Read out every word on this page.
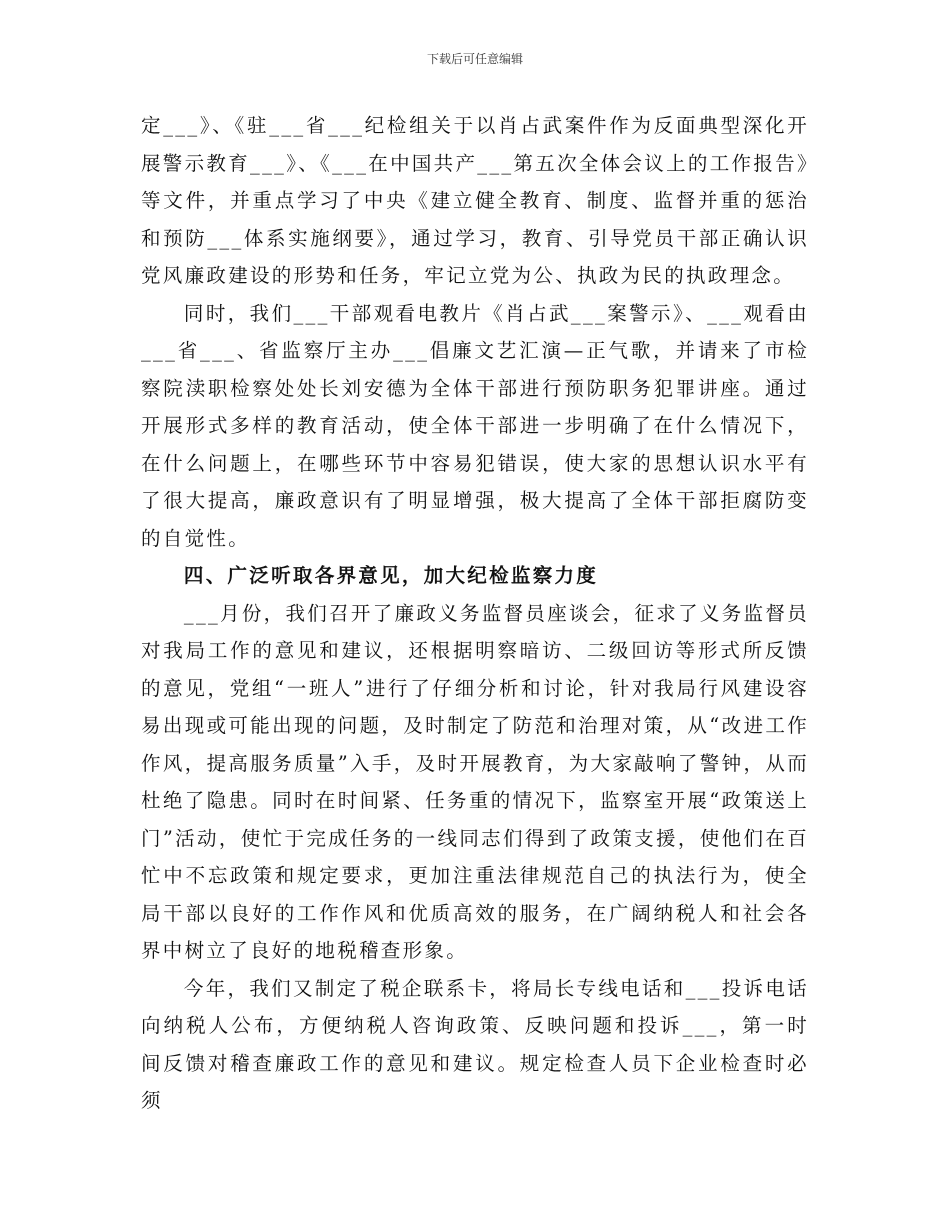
下载后可任意编辑

定___》、《驻___省___纪检组关于以肖占武案件作为反面典型深化开展警示教育___》、《___在中国共产___第五次全体会议上的工作报告》等文件，并重点学习了中央《建立健全教育、制度、监督并重的惩治和预防___体系实施纲要》，通过学习，教育、引导党员干部正确认识党风廉政建设的形势和任务，牢记立党为公、执政为民的执政理念。

同时，我们___干部观看电教片《肖占武___案警示》、___观看由___省___、省监察厅主办___倡廉文艺汇演—正气歌，并请来了市检察院渎职检察处处长刘安德为全体干部进行预防职务犯罪讲座。通过开展形式多样的教育活动，使全体干部进一步明确了在什么情况下，在什么问题上，在哪些环节中容易犯错误，使大家的思想认识水平有了很大提高，廉政意识有了明显增强，极大提高了全体干部拒腐防变的自觉性。

四、广泛听取各界意见，加大纪检监察力度

___月份，我们召开了廉政义务监督员座谈会，征求了义务监督员对我局工作的意见和建议，还根据明察暗访、二级回访等形式所反馈的意见，党组“一班人”进行了仔细分析和讨论，针对我局行风建设容易出现或可能出现的问题，及时制定了防范和治理对策，从“改进工作作风，提高服务质量”入手，及时开展教育，为大家敲响了警钟，从而杜绝了隐患。同时在时间紧、任务重的情况下，监察室开展“政策送上门”活动，使忙于完成任务的一线同志们得到了政策支援，使他们在百忙中不忘政策和规定要求，更加注重法律规范自己的执法行为，使全局干部以良好的工作作风和优质高效的服务，在广阔纳税人和社会各界中树立了良好的地税稽查形象。

今年，我们又制定了税企联系卡，将局长专线电话和___投诉电话向纳税人公布，方便纳税人咨询政策、反映问题和投诉___，第一时间反馈对稽查廉政工作的意见和建议。规定检查人员下企业检查时必须
